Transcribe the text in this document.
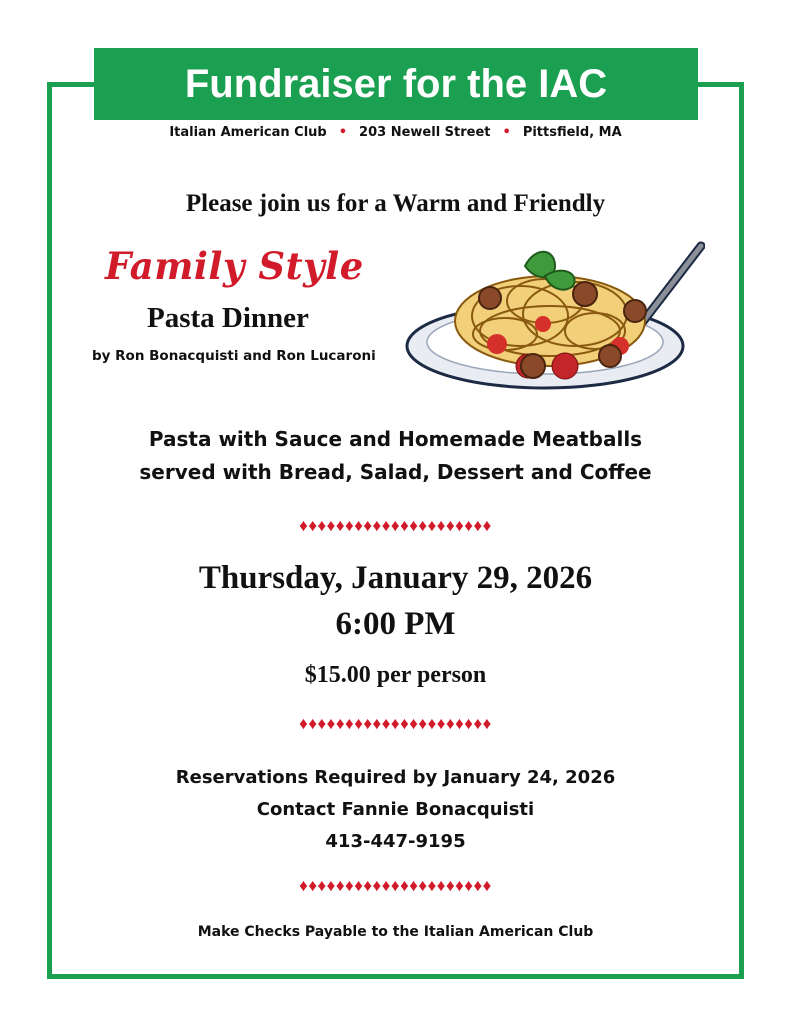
Fundraiser for the IAC
Italian American Club • 203 Newell Street • Pittsfield, MA
Please join us for a Warm and Friendly
Family Style
Pasta Dinner
by Ron Bonacquisti and Ron Lucaroni
Pasta with Sauce and Homemade Meatballs
served with Bread, Salad, Dessert and Coffee
♦♦♦♦♦♦♦♦♦♦♦♦♦♦♦♦♦♦♦♦♦
Thursday, January 29, 2026
6:00 PM
$15.00 per person
♦♦♦♦♦♦♦♦♦♦♦♦♦♦♦♦♦♦♦♦♦
Reservations Required by January 24, 2026
Contact Fannie Bonacquisti
413-447-9195
♦♦♦♦♦♦♦♦♦♦♦♦♦♦♦♦♦♦♦♦♦
Make Checks Payable to the Italian American Club
